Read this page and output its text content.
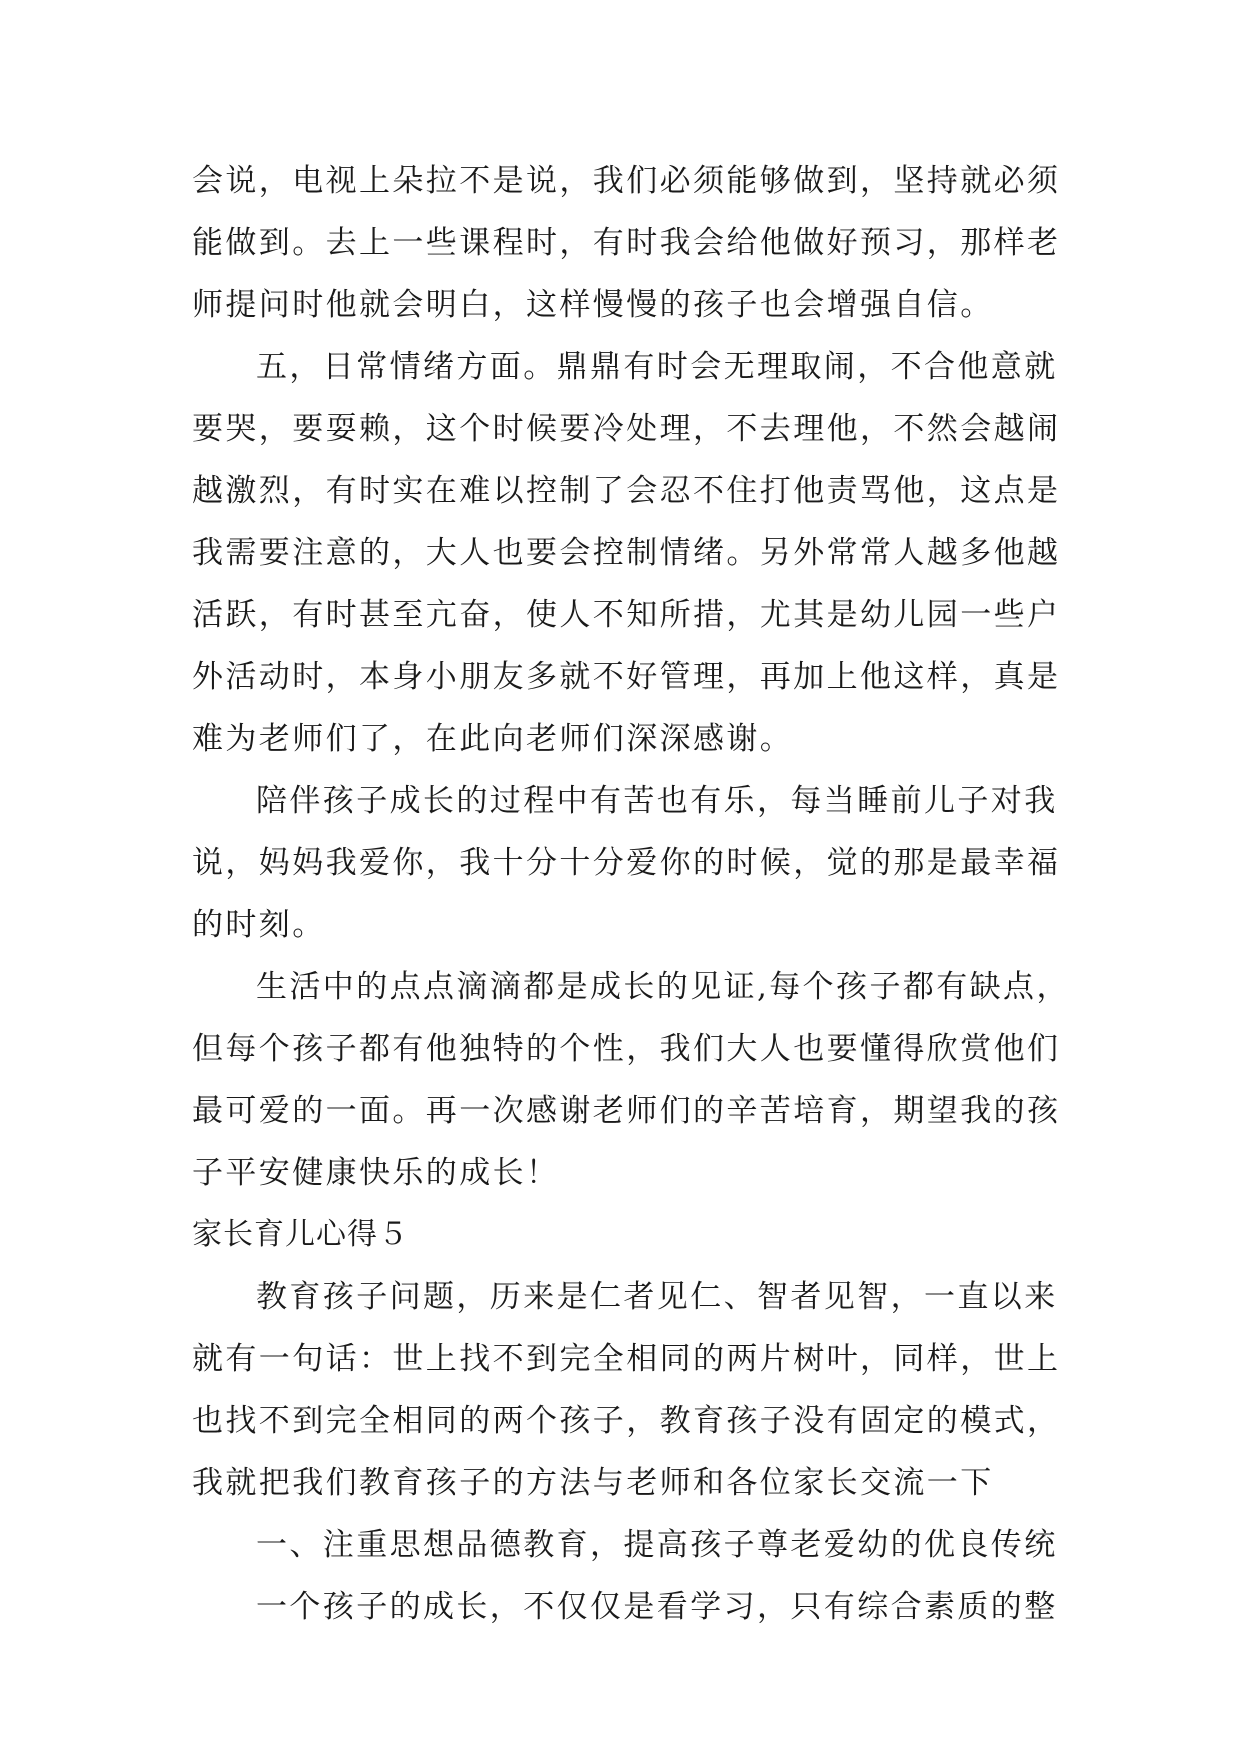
会说，电视上朵拉不是说，我们必须能够做到，坚持就必须
能做到。去上一些课程时，有时我会给他做好预习，那样老
师提问时他就会明白，这样慢慢的孩子也会增强自信。
五，日常情绪方面。鼎鼎有时会无理取闹，不合他意就
要哭，要耍赖，这个时候要冷处理，不去理他，不然会越闹
越激烈，有时实在难以控制了会忍不住打他责骂他，这点是
我需要注意的，大人也要会控制情绪。另外常常人越多他越
活跃，有时甚至亢奋，使人不知所措，尤其是幼儿园一些户
外活动时，本身小朋友多就不好管理，再加上他这样，真是
难为老师们了，在此向老师们深深感谢。
陪伴孩子成长的过程中有苦也有乐，每当睡前儿子对我
说，妈妈我爱你，我十分十分爱你的时候，觉的那是最幸福
的时刻。
生活中的点点滴滴都是成长的见证,每个孩子都有缺点，
但每个孩子都有他独特的个性，我们大人也要懂得欣赏他们
最可爱的一面。再一次感谢老师们的辛苦培育，期望我的孩
子平安健康快乐的成长！
家长育儿心得５
教育孩子问题，历来是仁者见仁、智者见智，一直以来
就有一句话：世上找不到完全相同的两片树叶，同样，世上
也找不到完全相同的两个孩子，教育孩子没有固定的模式，
我就把我们教育孩子的方法与老师和各位家长交流一下
一、注重思想品德教育，提高孩子尊老爱幼的优良传统
一个孩子的成长，不仅仅是看学习，只有综合素质的整
